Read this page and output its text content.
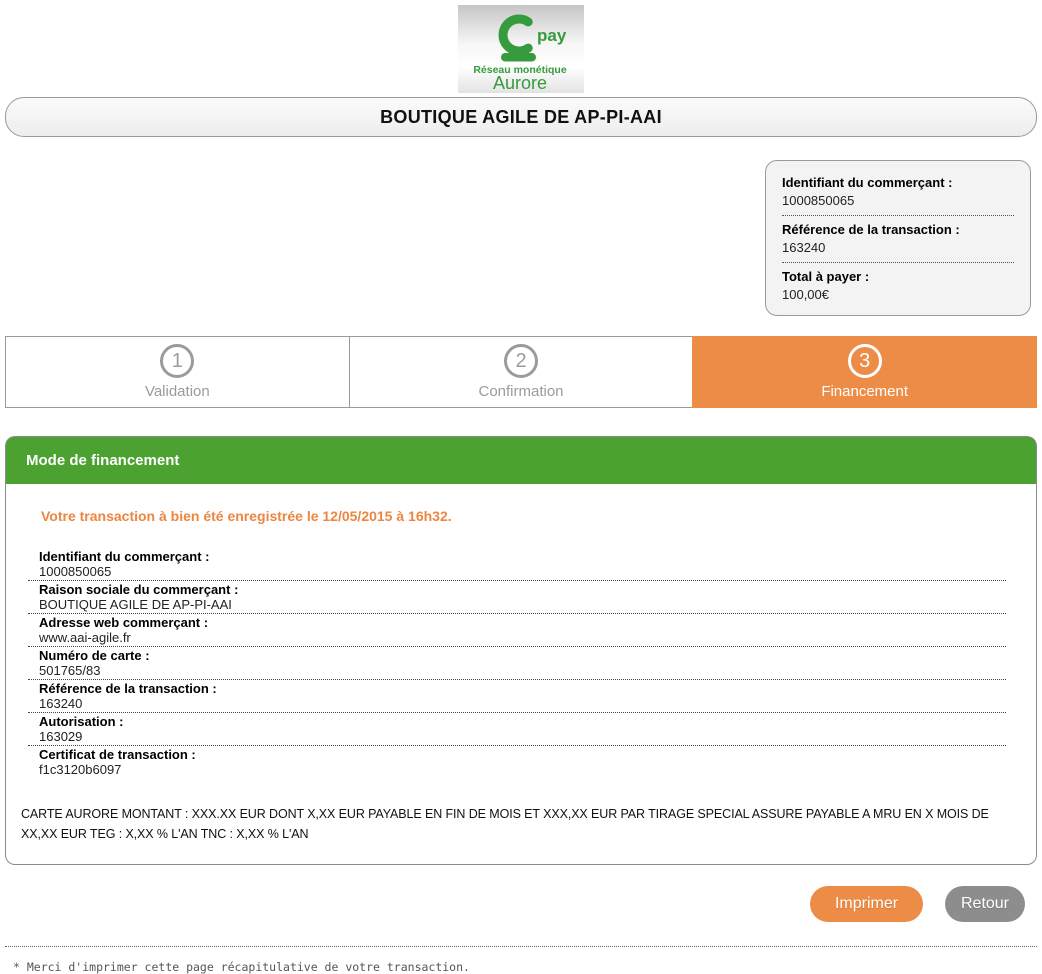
pay
Réseau monétique
Aurore
BOUTIQUE AGILE DE AP-PI-AAI
Identifiant du commerçant :
1000850065
Référence de la transaction :
163240
Total à payer :
100,00€
1
Validation
2
Confirmation
3
Financement
Mode de financement
Votre transaction à bien été enregistrée le 12/05/2015 à 16h32.
Identifiant du commerçant :
1000850065
Raison sociale du commerçant :
BOUTIQUE AGILE DE AP-PI-AAI
Adresse web commerçant :
www.aai-agile.fr
Numéro de carte :
501765/83
Référence de la transaction :
163240
Autorisation :
163029
Certificat de transaction :
f1c3120b6097
CARTE AURORE MONTANT : XXX.XX EUR DONT X,XX EUR PAYABLE EN FIN DE MOIS ET XXX,XX EUR PAR TIRAGE SPECIAL ASSURE PAYABLE A MRU EN X MOIS DE XX,XX EUR TEG : X,XX % L'AN TNC : X,XX % L'AN
Imprimer	Retour
* Merci d'imprimer cette page récapitulative de votre transaction.
